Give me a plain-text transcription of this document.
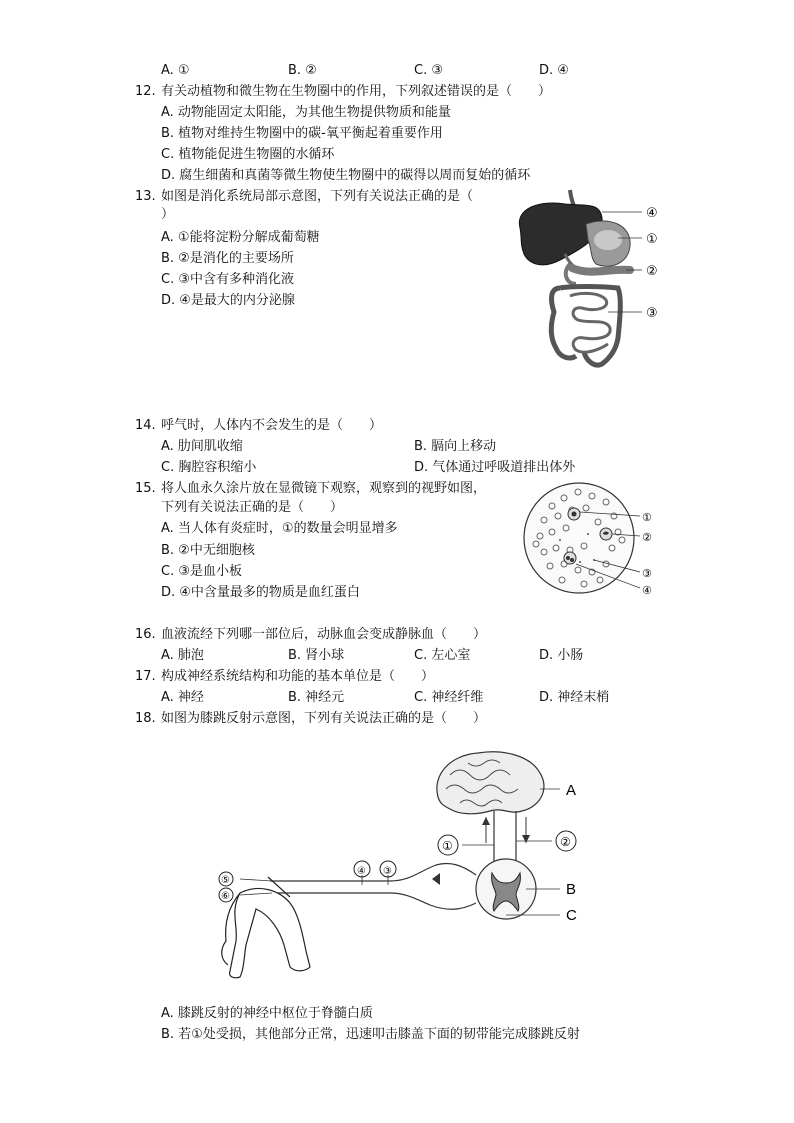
A. ①	B. ②	C. ③	D. ④
12. 有关动植物和微生物在生物圈中的作用，下列叙述错误的是（　　）
A. 动物能固定太阳能，为其他生物提供物质和能量
B. 植物对维持生物圈中的碳-氧平衡起着重要作用
C. 植物能促进生物圈的水循环
D. 腐生细菌和真菌等微生物使生物圈中的碳得以周而复始的循环
13. 如图是消化系统局部示意图，下列有关说法正确的是（
）
A. ①能将淀粉分解成葡萄糖
B. ②是消化的主要场所
C. ③中含有多种消化液
D. ④是最大的内分泌腺
④
①
②
③
14. 呼气时，人体内不会发生的是（　　）
A. 肋间肌收缩	B. 膈向上移动
C. 胸腔容积缩小	D. 气体通过呼吸道排出体外
15. 将人血永久涂片放在显微镜下观察，观察到的视野如图，
下列有关说法正确的是（　　）
A. 当人体有炎症时，①的数量会明显增多
B. ②中无细胞核
C. ③是血小板
D. ④中含量最多的物质是血红蛋白
①
②
③
④
16. 血液流经下列哪一部位后，动脉血会变成静脉血（　　）
A. 肺泡	B. 肾小球	C. 左心室	D. 小肠
17. 构成神经系统结构和功能的基本单位是（　　）
A. 神经	B. 神经元	C. 神经纤维	D. 神经末梢
18. 如图为膝跳反射示意图，下列有关说法正确的是（　　）
A
①	②
④ ③
⑤
⑥	B
C
A. 膝跳反射的神经中枢位于脊髓白质
B. 若①处受损，其他部分正常，迅速叩击膝盖下面的韧带能完成膝跳反射
